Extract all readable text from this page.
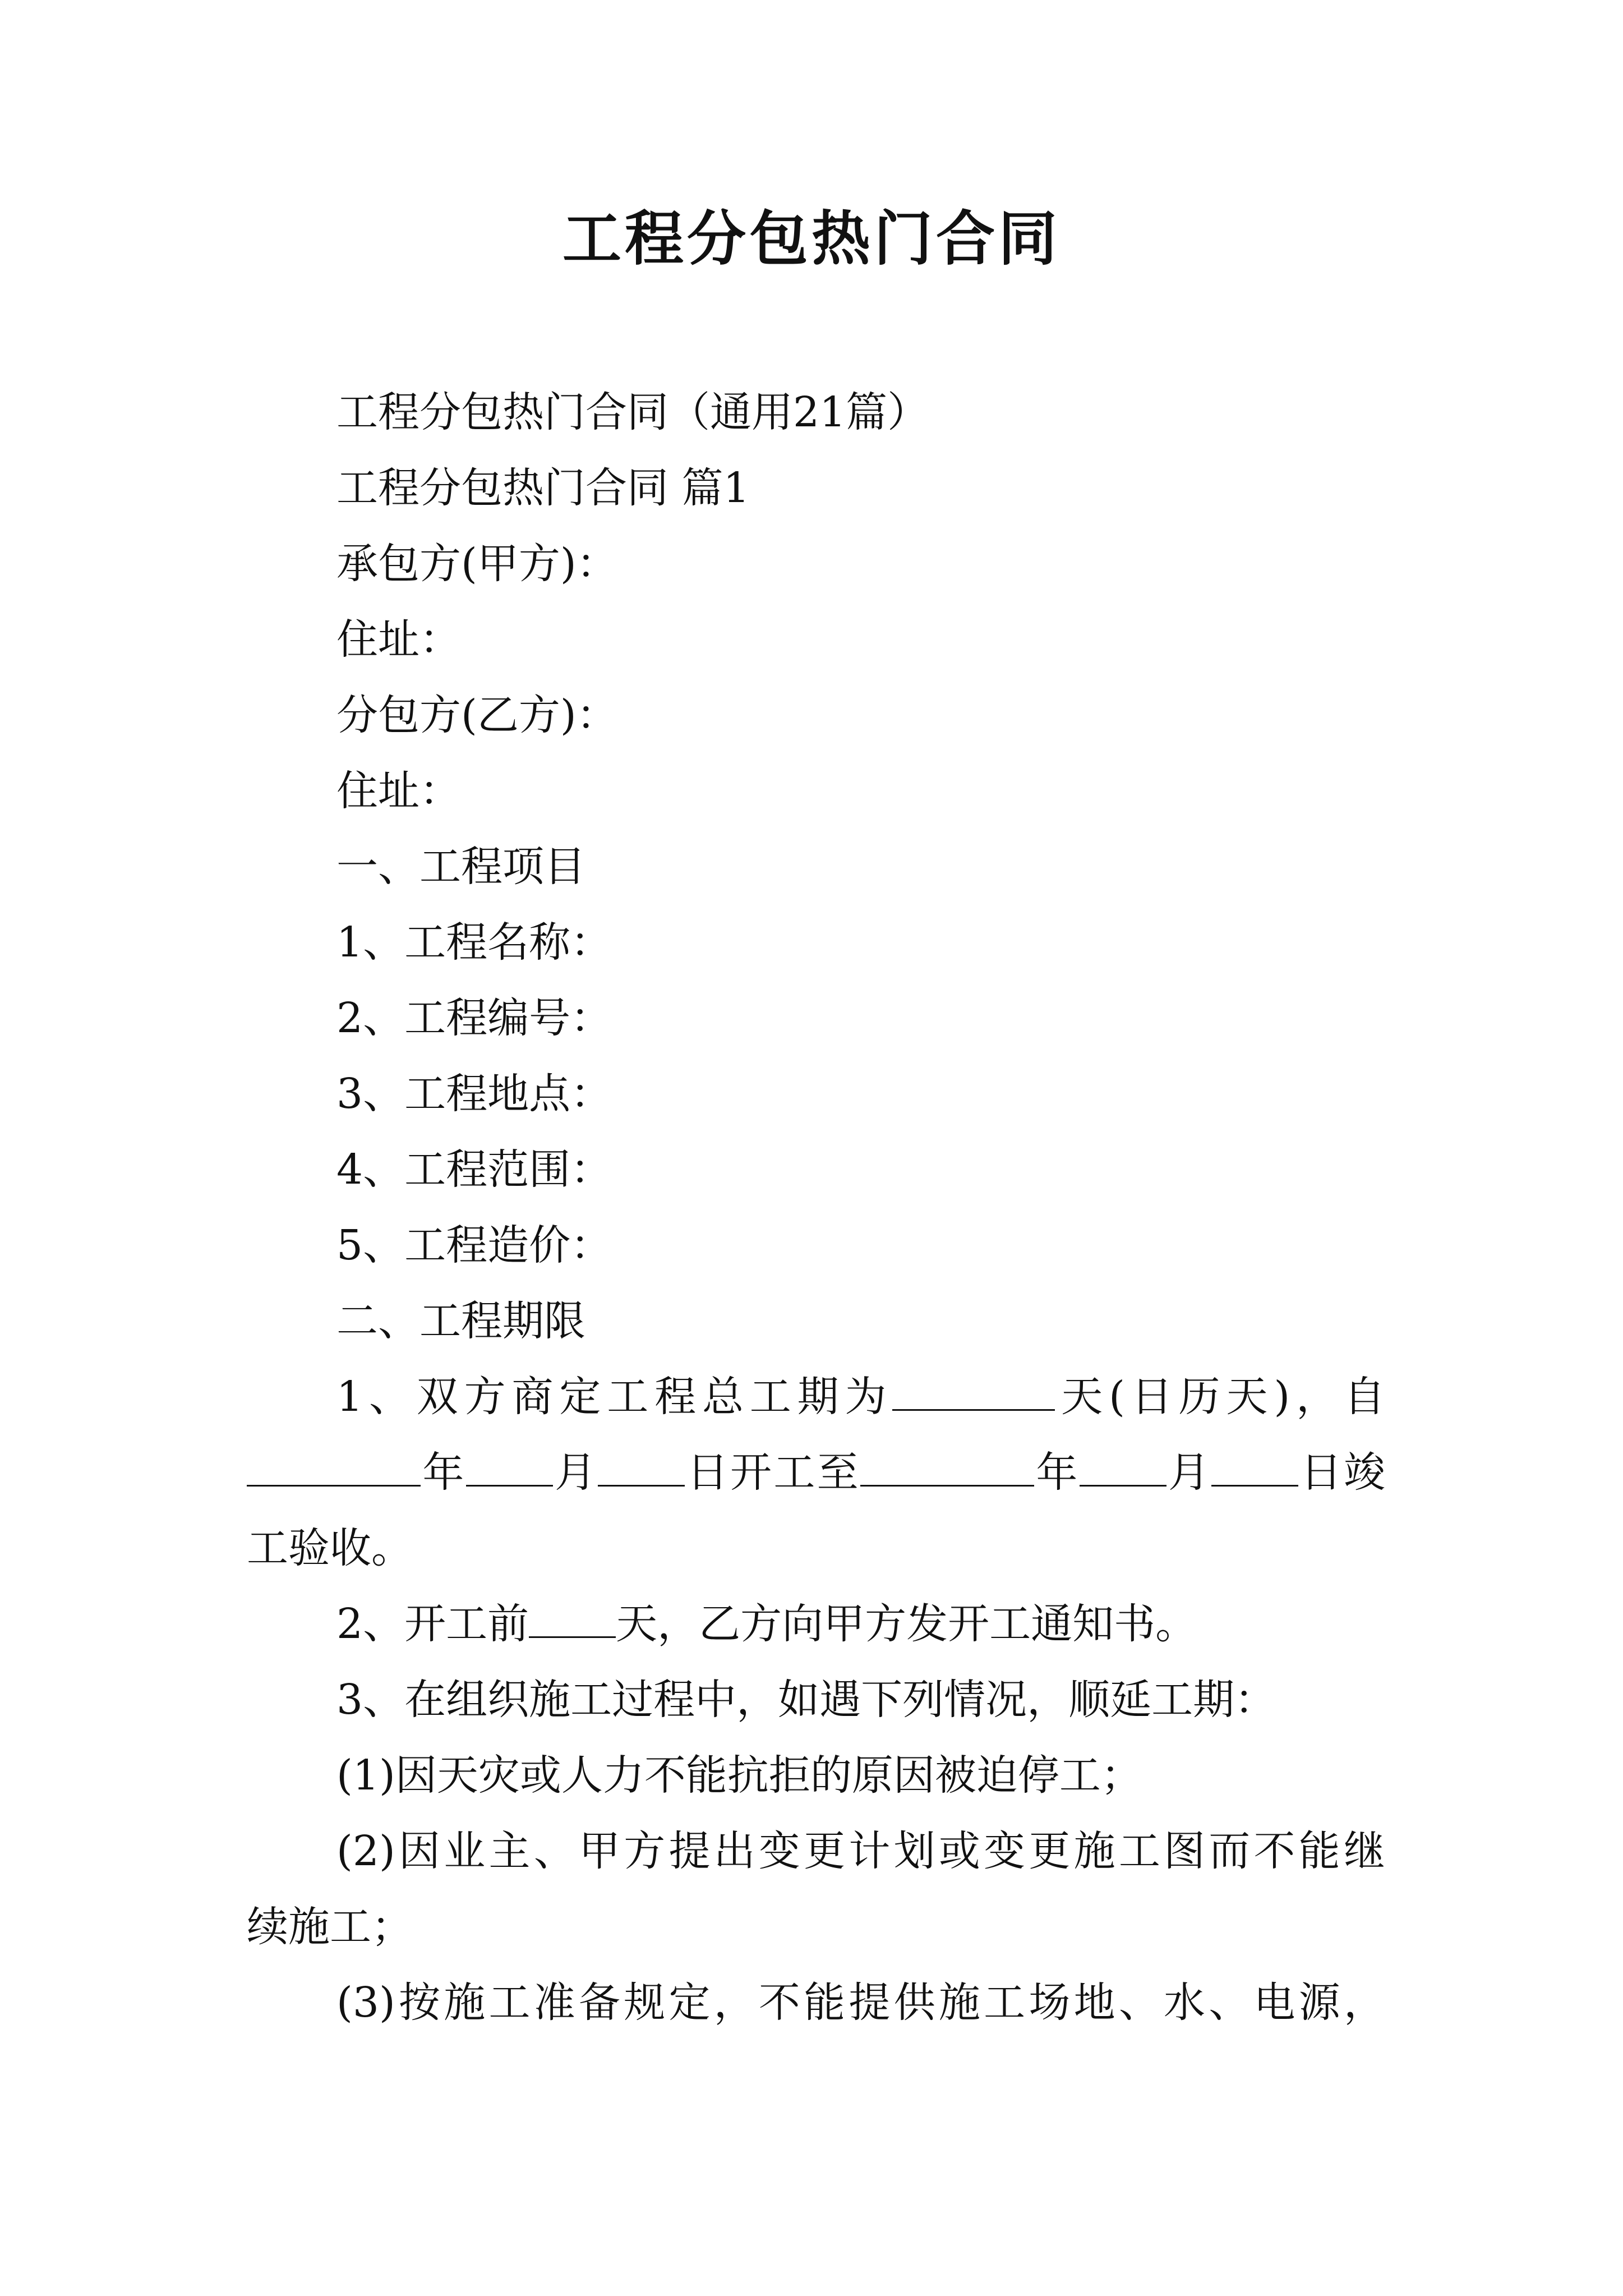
工程分包热门合同
工程分包热门合同（通用21篇）
工程分包热门合同 篇1
承包方(甲方)：
住址：
分包方(乙方)：
住址：
一、工程项目
1、工程名称：
2、工程编号：
3、工程地点：
4、工程范围：
5、工程造价：
二、工程期限
1、双方商定工程总工期为	天(日历天)，自
年 月 日开工至	年 月 日竣
工验收。
2、开工前 天，乙方向甲方发开工通知书。
3、在组织施工过程中，如遇下列情况，顺延工期：
(1)因天灾或人力不能抗拒的原因被迫停工；
(2)因业主、甲方提出变更计划或变更施工图而不能继
续施工；
(3)按施工准备规定，不能提供施工场地、水、电源，
